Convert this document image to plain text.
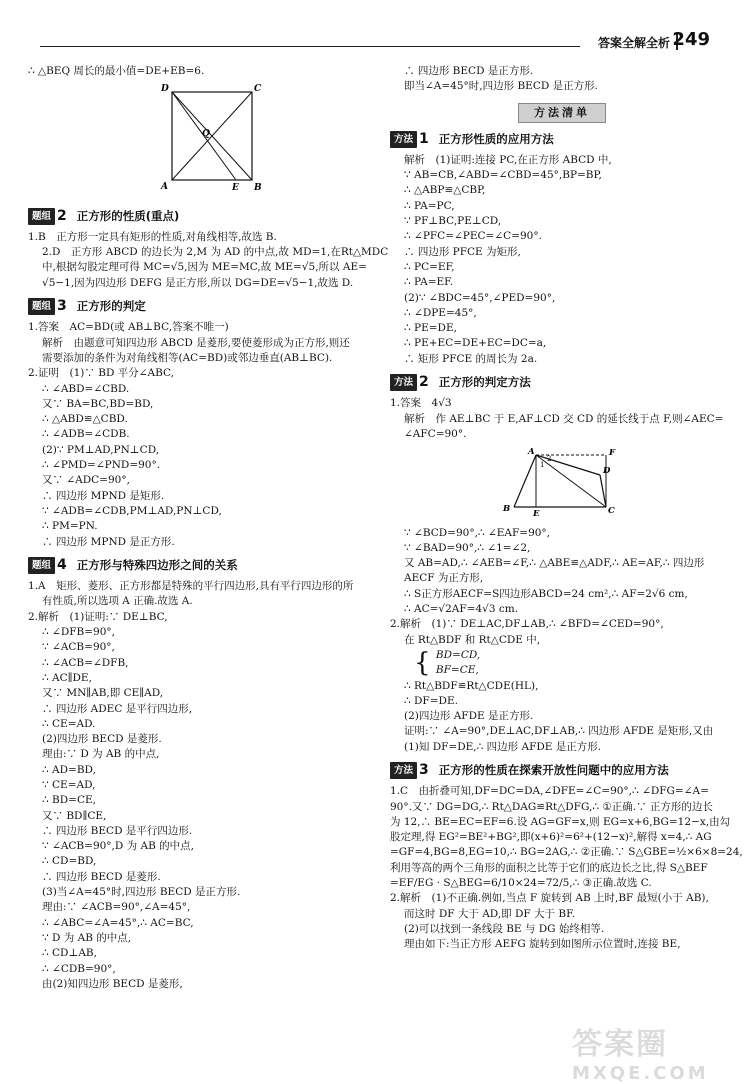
答案全解全析 249
∴ △BEQ 周长的最小值=DE+EB=6.
D	C
Q
A	E B
题组 2 正方形的性质(重点)
1.B　正方形一定具有矩形的性质,对角线相等,故选 B.
2.D　正方形 ABCD 的边长为 2,M 为 AD 的中点,故 MD=1,在Rt△MDC
中,根据勾股定理可得 MC=√5,因为 ME=MC,故 ME=√5,所以 AE=
√5−1,因为四边形 DEFG 是正方形,所以 DG=DE=√5−1,故选 D.
题组 3 正方形的判定
1.答案　AC=BD(或 AB⊥BC,答案不唯一)
解析　由题意可知四边形 ABCD 是菱形,要使菱形成为正方形,则还
需要添加的条件为对角线相等(AC=BD)或邻边垂直(AB⊥BC).
2.证明　(1)∵ BD 平分∠ABC,
∴ ∠ABD=∠CBD.
又∵ BA=BC,BD=BD,
∴ △ABD≌△CBD.
∴ ∠ADB=∠CDB.
(2)∵ PM⊥AD,PN⊥CD,
∴ ∠PMD=∠PND=90°.
又∵ ∠ADC=90°,
∴ 四边形 MPND 是矩形.
∵ ∠ADB=∠CDB,PM⊥AD,PN⊥CD,
∴ PM=PN.
∴ 四边形 MPND 是正方形.
题组 4 正方形与特殊四边形之间的关系
1.A　矩形、菱形、正方形都是特殊的平行四边形,具有平行四边形的所
有性质,所以选项 A 正确.故选 A.
2.解析　(1)证明:∵ DE⊥BC,
∴ ∠DFB=90°,
∵ ∠ACB=90°,
∴ ∠ACB=∠DFB,
∴ AC∥DE,
又∵ MN∥AB,即 CE∥AD,
∴ 四边形 ADEC 是平行四边形,
∴ CE=AD.
(2)四边形 BECD 是菱形.
理由:∵ D 为 AB 的中点,
∴ AD=BD,
∵ CE=AD,
∴ BD=CE,
又∵ BD∥CE,
∴ 四边形 BECD 是平行四边形.
∵ ∠ACB=90°,D 为 AB 的中点,
∴ CD=BD,
∴ 四边形 BECD 是菱形.
(3)当∠A=45°时,四边形 BECD 是正方形.
理由:∵ ∠ACB=90°,∠A=45°,
∴ ∠ABC=∠A=45°,∴ AC=BC,
∵ D 为 AB 的中点,
∴ CD⊥AB,
∴ ∠CDB=90°,
由(2)知四边形 BECD 是菱形,
∴ 四边形 BECD 是正方形.
即当∠A=45°时,四边形 BECD 是正方形.
方法清单
方法 1 正方形性质的应用方法
解析　(1)证明:连接 PC,在正方形 ABCD 中,
∵ AB=CB,∠ABD=∠CBD=45°,BP=BP,
∴ △ABP≌△CBP,
∴ PA=PC,
∵ PF⊥BC,PE⊥CD,
∴ ∠PFC=∠PEC=∠C=90°.
∴ 四边形 PFCE 为矩形,
∴ PC=EF,
∴ PA=EF.
(2)∵ ∠BDC=45°,∠PED=90°,
∴ ∠DPE=45°,
∴ PE=DE,
∴ PE+EC=DE+EC=DC=a,
∴ 矩形 PFCE 的周长为 2a.
方法 2 正方形的判定方法
1.答案　4√3
解析　作 AE⊥BC 于 E,AF⊥CD 交 CD 的延长线于点 F,则∠AEC=
∠AFC=90°.
A	F
D
B	E	C
2
1
∵ ∠BCD=90°,∴ ∠EAF=90°,
∵ ∠BAD=90°,∴ ∠1=∠2,
又 AB=AD,∴ ∠AEB=∠F,∴ △ABE≌△ADF,∴ AE=AF,∴ 四边形
AECF 为正方形,
∴ S正方形AECF=S四边形ABCD=24 cm²,∴ AF=2√6 cm,
∴ AC=√2AF=4√3 cm.
2.解析　(1)∵ DE⊥AC,DF⊥AB,∴ ∠BFD=∠CED=90°,
在 Rt△BDF 和 Rt△CDE 中,
{ BD=CD,
BF=CE,
∴ Rt△BDF≌Rt△CDE(HL),
∴ DF=DE.
(2)四边形 AFDE 是正方形.
证明:∵ ∠A=90°,DE⊥AC,DF⊥AB,∴ 四边形 AFDE 是矩形,又由
(1)知 DF=DE,∴ 四边形 AFDE 是正方形.
方法 3 正方形的性质在探索开放性问题中的应用方法
1.C　由折叠可知,DF=DC=DA,∠DFE=∠C=90°,∴ ∠DFG=∠A=
90°.又∵ DG=DG,∴ Rt△DAG≌Rt△DFG,∴ ①正确.∵ 正方形的边长
为 12,∴ BE=EC=EF=6.设 AG=GF=x,则 EG=x+6,BG=12−x,由勾
股定理,得 EG²=BE²+BG²,即(x+6)²=6²+(12−x)²,解得 x=4,∴ AG
=GF=4,BG=8,EG=10,∴ BG=2AG,∴ ②正确.∵ S△GBE=½×6×8=24,
利用等高的两个三角形的面积之比等于它们的底边长之比,得 S△BEF
=EF/EG · S△BEG=6/10×24=72/5,∴ ③正确.故选 C.
2.解析　(1)不正确.例如,当点 F 旋转到 AB 上时,BF 最短(小于 AB),
而这时 DF 大于 AD,即 DF 大于 BF.
(2)可以找到一条线段 BE 与 DG 始终相等.
理由如下:当正方形 AEFG 旋转到如图所示位置时,连接 BE,
答案圈
MXQE.COM
